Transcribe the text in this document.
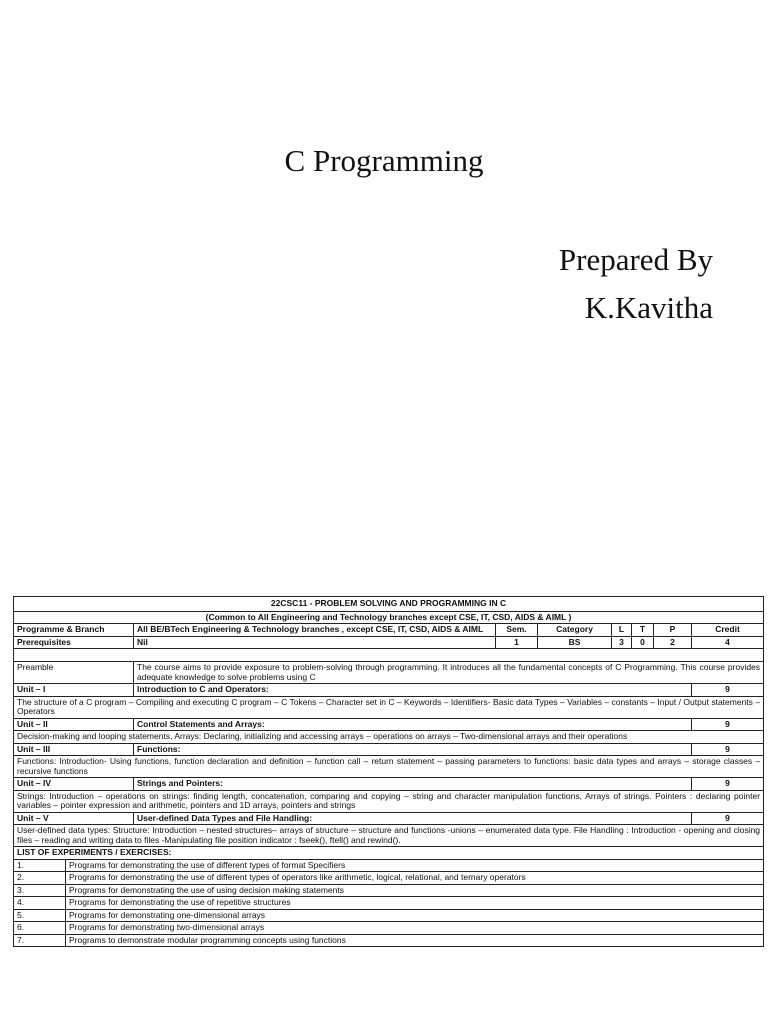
C Programming
Prepared By
K.Kavitha
22CSC11 - PROBLEM SOLVING AND PROGRAMMING IN C								
(Common to All Engineering and Technology branches except CSE, IT, CSD, AIDS & AIML )								
Programme & Branch		All BE/BTech Engineering & Technology branches , except CSE, IT, CSD, AIDS & AIML	Sem.	Category	L	T	P	Credit
Prerequisites		Nil	1	BS	3	0	2	4

Preamble		The course aims to provide exposure to problem-solving through programming. It introduces all the fundamental concepts of C Programming. This course provides adequate knowledge to solve problems using C						
Unit – I		Introduction to C and Operators:						9
The structure of a C program – Compiling and executing C program – C Tokens – Character set in C – Keywords – Identifiers- Basic data Types – Variables – constants – Input / Output statements – Operators								
Unit – II		Control Statements and Arrays:						9
Decision-making and looping statements, Arrays: Declaring, initializing and accessing arrays – operations on arrays – Two-dimensional arrays and their operations								
Unit – III		Functions:						9
Functions: Introduction- Using functions, function declaration and definition – function call – return statement – passing parameters to functions: basic data types and arrays – storage classes – recursive functions								
Unit – IV		Strings and Pointers:						9
Strings: Introduction – operations on strings: finding length, concatenation, comparing and copying – string and character manipulation functions, Arrays of strings. Pointers : declaring pointer variables – pointer expression and arithmetic, pointers and 1D arrays, pointers and strings								
Unit – V		User-defined Data Types and File Handling:						9
User-defined data types: Structure: Introduction – nested structures– arrays of structure – structure and functions -unions – enumerated data type. File Handling : Introduction - opening and closing files – reading and writing data to files -Manipulating file position indicator : fseek(), ftell() and rewind().								
LIST OF EXPERIMENTS / EXERCISES:								
1.	Programs for demonstrating the use of different types of format Specifiers							
2.	Programs for demonstrating the use of different types of operators like arithmetic, logical, relational, and ternary operators							
3.	Programs for demonstrating the use of using decision making statements							
4.	Programs for demonstrating the use of repetitive structures							
5.	Programs for demonstrating one-dimensional arrays							
6.	Programs for demonstrating two-dimensional arrays							
7.	Programs to demonstrate modular programming concepts using functions							
